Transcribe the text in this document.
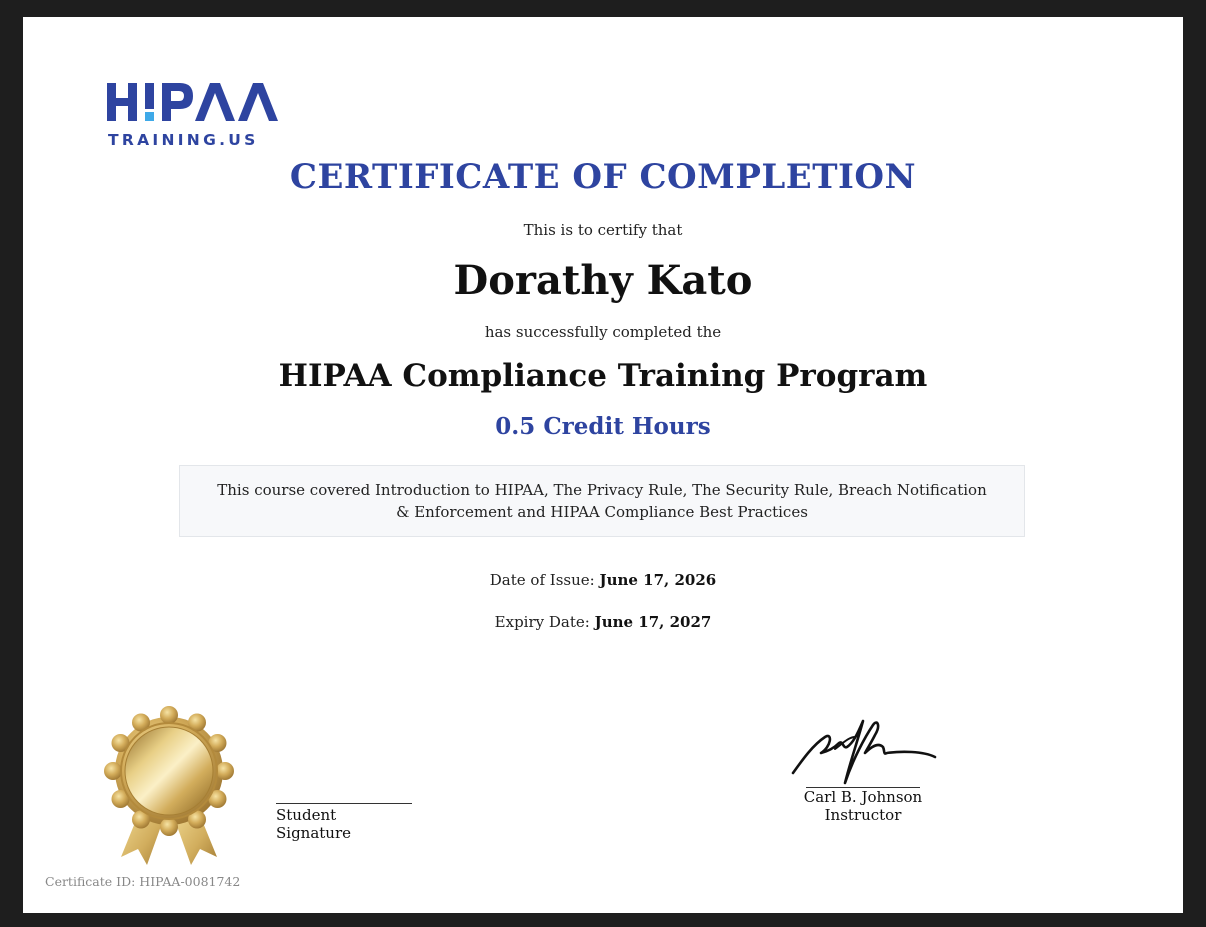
TRAINING.US
CERTIFICATE OF COMPLETION
This is to certify that
Dorathy Kato
has successfully completed the
HIPAA Compliance Training Program
0.5 Credit Hours
This course covered Introduction to HIPAA, The Privacy Rule, The Security Rule, Breach Notification & Enforcement and HIPAA Compliance Best Practices
Date of Issue: June 17, 2026
Expiry Date: June 17, 2027
Student Signature
Carl B. Johnson
Instructor
Certificate ID: HIPAA-0081742
